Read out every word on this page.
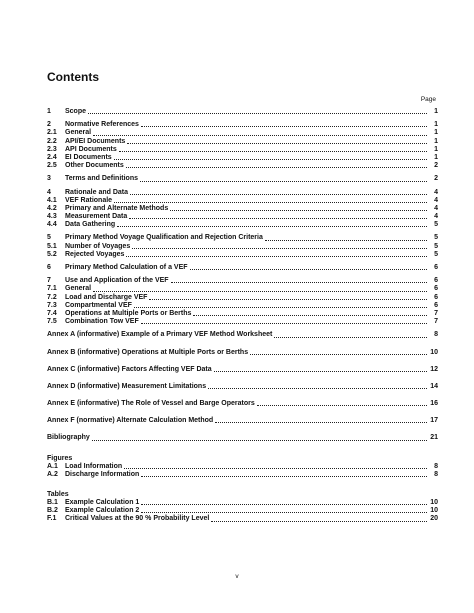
Contents
Page
1	Scope	1
2	Normative References	1
2.1	General	1
2.2	API/EI Documents	1
2.3	API Documents	1
2.4	EI Documents	1
2.5	Other Documents	2
3	Terms and Definitions	2
4	Rationale and Data	4
4.1	VEF Rationale	4
4.2	Primary and Alternate Methods	4
4.3	Measurement Data	4
4.4	Data Gathering	5
5	Primary Method Voyage Qualification and Rejection Criteria	5
5.1	Number of Voyages	5
5.2	Rejected Voyages	5
6	Primary Method Calculation of a VEF	6
7	Use and Application of the VEF	6
7.1	General	6
7.2	Load and Discharge VEF	6
7.3	Compartmental VEF	6
7.4	Operations at Multiple Ports or Berths	7
7.5	Combination Tow VEF	7
Annex A (informative) Example of a Primary VEF Method Worksheet	8
Annex B (informative) Operations at Multiple Ports or Berths	10
Annex C (informative) Factors Affecting VEF Data	12
Annex D (informative) Measurement Limitations	14
Annex E (informative) The Role of Vessel and Barge Operators	16
Annex F (normative) Alternate Calculation Method	17
Bibliography	21
Figures
A.1	Load Information	8
A.2	Discharge Information	8
Tables
B.1	Example Calculation 1	10
B.2	Example Calculation 2	10
F.1	Critical Values at the 90 % Probability Level	20
v
